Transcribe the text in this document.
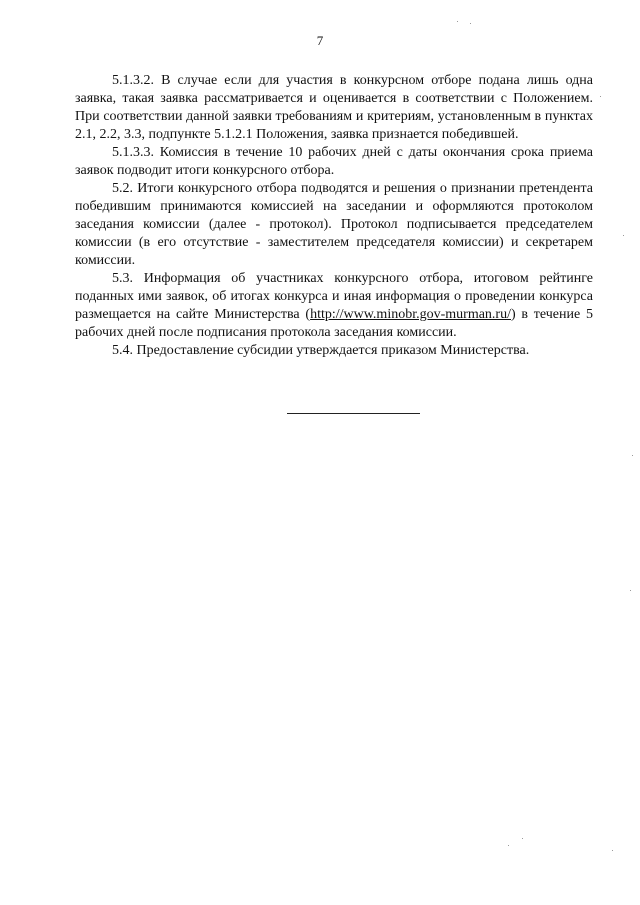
7

5.1.3.2. В случае если для участия в конкурсном отборе подана лишь одна заявка, такая заявка рассматривается и оценивается в соответствии с Положением. При соответствии данной заявки требованиям и критериям, установленным в пунктах 2.1, 2.2, 3.3, подпункте 5.1.2.1 Положения, заявка признается победившей.

5.1.3.3. Комиссия в течение 10 рабочих дней с даты окончания срока приема заявок подводит итоги конкурсного отбора.

5.2. Итоги конкурсного отбора подводятся и решения о признании претендента победившим принимаются комиссией на заседании и оформляются протоколом заседания комиссии (далее - протокол). Протокол подписывается председателем комиссии (в его отсутствие - заместителем председателя комиссии) и секретарем комиссии.

5.3. Информация об участниках конкурсного отбора, итоговом рейтинге поданных ими заявок, об итогах конкурса и иная информация о проведении конкурса размещается на сайте Министерства (http://www.minobr.gov-murman.ru/) в течение 5 рабочих дней после подписания протокола заседания комиссии.

5.4. Предоставление субсидии утверждается приказом Министерства.
